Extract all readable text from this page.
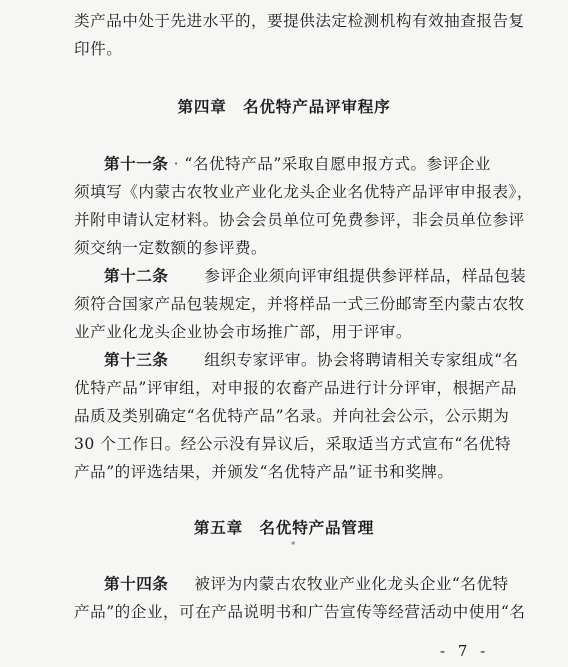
类产品中处于先进水平的，要提供法定检测机构有效抽查报告复
印件。
第四章　名优特产品评审程序
第十一条 · “名优特产品”采取自愿申报方式。参评企业
须填写《内蒙古农牧业产业化龙头企业名优特产品评审申报表》，
并附申请认定材料。协会会员单位可免费参评，非会员单位参评
须交纳一定数额的参评费。
第十二条 参评企业须向评审组提供参评样品，样品包装
须符合国家产品包装规定，并将样品一式三份邮寄至内蒙古农牧
业产业化龙头企业协会市场推广部，用于评审。
第十三条 组织专家评审。协会将聘请相关专家组成“名
优特产品”评审组，对申报的农畜产品进行计分评审，根据产品
品质及类别确定“名优特产品”名录。并向社会公示，公示期为
30 个工作日。经公示没有异议后，采取适当方式宣布“名优特
产品”的评选结果，并颁发“名优特产品”证书和奖牌。
第五章　名优特产品管理
∗
第十四条 被评为内蒙古农牧业产业化龙头企业“名优特
产品”的企业，可在产品说明书和广告宣传等经营活动中使用“名
- 7 -
